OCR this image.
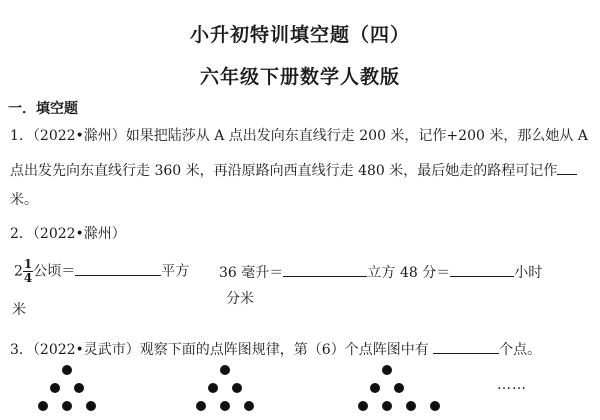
小升初特训填空题（四）
六年级下册数学人教版
一．填空题
1．（2022•滁州）如果把陆莎从 A 点出发向东直线行走 200 米，记作+200 米，那么她从 A
点出发先向东直线行走 360 米，再沿原路向西直线行走 480 米，最后她走的路程可记作
米。
2．（2022•滁州）
$2 \frac{1}{4}$ 公顷＝	平方
米
36 毫升＝	立方
分米
48 分＝	小时
3．（2022•灵武市）观察下面的点阵图规律，第（6）个点阵图中有	个点。
……
